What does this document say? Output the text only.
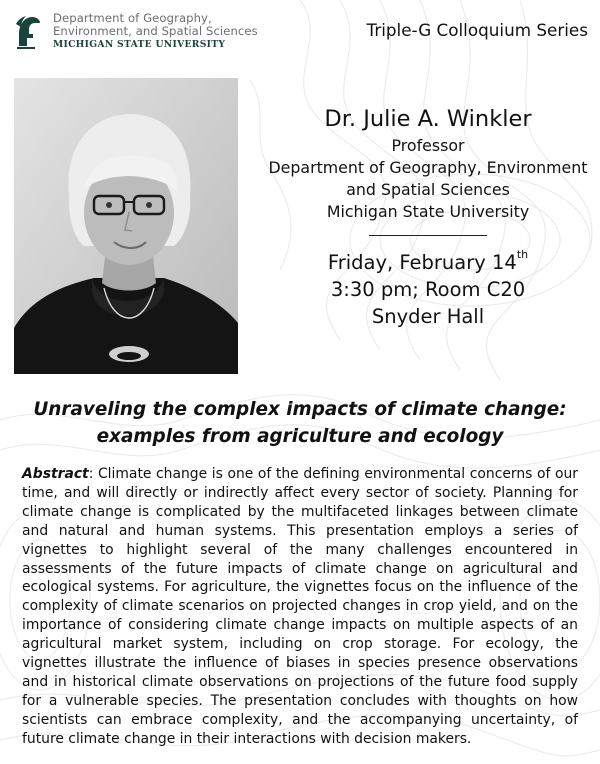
Department of Geography,
Environment, and Spatial Sciences
MICHIGAN STATE UNIVERSITY
Triple-G Colloquium Series
Dr. Julie A. Winkler
Professor
Department of Geography, Environment
and Spatial Sciences
Michigan State University
Friday, February 14th
3:30 pm; Room C20
Snyder Hall
Unraveling the complex impacts of climate change:
examples from agriculture and ecology
Abstract: Climate change is one of the defining environmental concerns of our time, and will directly or indirectly affect every sector of society. Planning for climate change is complicated by the multifaceted linkages between climate and natural and human systems. This presentation employs a series of vignettes to highlight several of the many challenges encountered in assessments of the future impacts of climate change on agricultural and ecological systems. For agriculture, the vignettes focus on the influence of the complexity of climate scenarios on projected changes in crop yield, and on the importance of considering climate change impacts on multiple aspects of an agricultural market system, including on crop storage. For ecology, the vignettes illustrate the influence of biases in species presence observations and in historical climate observations on projections of the future food supply for a vulnerable species. The presentation concludes with thoughts on how scientists can embrace complexity, and the accompanying uncertainty, of future climate change in their interactions with decision makers.
